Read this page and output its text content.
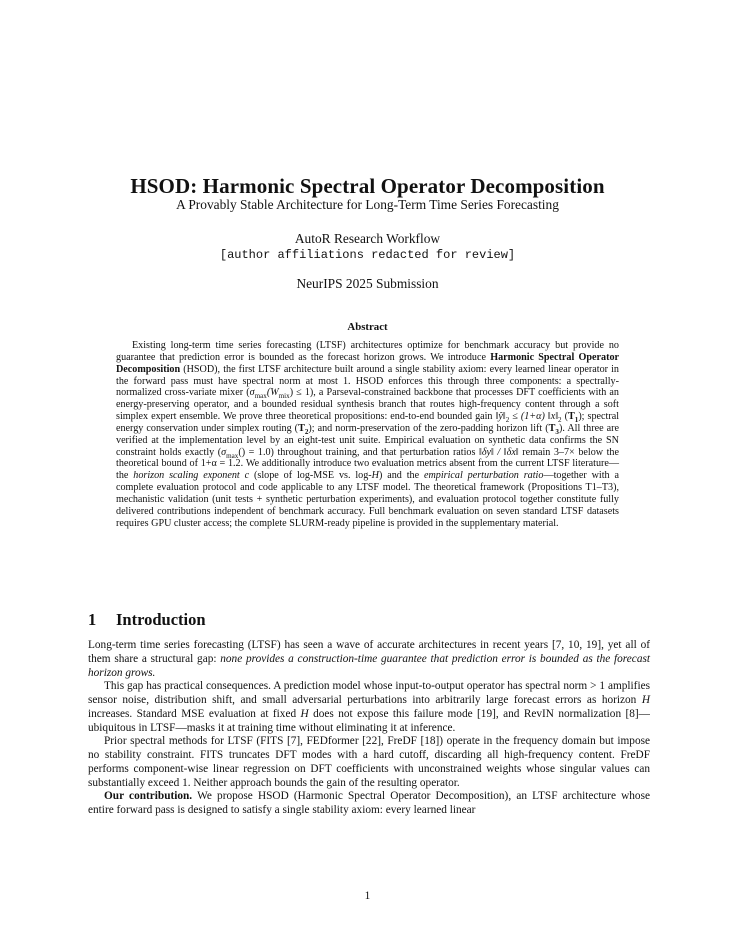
HSOD: Harmonic Spectral Operator Decomposition
A Provably Stable Architecture for Long-Term Time Series Forecasting
AutoR Research Workflow
[author affiliations redacted for review]
NeurIPS 2025 Submission
Abstract

Existing long-term time series forecasting (LTSF) architectures optimize for benchmark accuracy but provide no guarantee that prediction error is bounded as the forecast horizon grows. We introduce Harmonic Spectral Operator Decomposition (HSOD), the first LTSF architecture built around a single stability axiom: every learned linear operator in the forward pass must have spectral norm at most 1. HSOD enforces this through three components: a spectrally-normalized cross-variate mixer $(\sigma_{max}(W_{mix}) \le 1)$, a Parseval-constrained backbone that processes DFT coefficients with an energy-preserving operator, and a bounded residual synthesis branch that routes high-frequency content through a soft simplex expert ensemble. We prove three theoretical propositions: end-to-end bounded gain $‖ŷ‖_2 \le (1+\alpha)$ $‖x‖_2$ $(T_1)$; spectral energy conservation under simplex routing $(T_2)$; and norm-preservation of the zero-padding horizon lift $(T_3)$. All three are verified at the implementation level by an eight-test unit suite. Empirical evaluation on synthetic data confirms the SN constraint holds exactly $(\sigma_{max}() = 1.0)$ throughout training, and that perturbation ratios ‖δy‖ / ‖δx‖ remain 3–7× below the theoretical bound of 1+α = 1.2. We additionally introduce two evaluation metrics absent from the current LTSF literature—the horizon scaling exponent c (slope of log-MSE vs. log-H) and the empirical perturbation ratio—together with a complete evaluation protocol and code applicable to any LTSF model. The theoretical framework (Propositions T1–T3), mechanistic validation (unit tests + synthetic perturbation experiments), and evaluation protocol together constitute fully delivered contributions independent of benchmark accuracy. Full benchmark evaluation on seven standard LTSF datasets requires GPU cluster access; the complete SLURM-ready pipeline is provided in the supplementary material.

1 Introduction

Long-term time series forecasting (LTSF) has seen a wave of accurate architectures in recent years [7, 10, 19], yet all of them share a structural gap: none provides a construction-time guarantee that prediction error is bounded as the forecast horizon grows.

This gap has practical consequences. A prediction model whose input-to-output operator has spectral norm > 1 amplifies sensor noise, distribution shift, and small adversarial perturbations into arbitrarily large forecast errors as horizon H increases. Standard MSE evaluation at fixed H does not expose this failure mode [19], and RevIN normalization [8]—ubiquitous in LTSF—masks it at training time without eliminating it at inference.

Prior spectral methods for LTSF (FITS [7], FEDformer [22], FreDF [18]) operate in the frequency domain but impose no stability constraint. FITS truncates DFT modes with a hard cutoff, discarding all high-frequency content. FreDF performs component-wise linear regression on DFT coefficients with unconstrained weights whose singular values can substantially exceed 1. Neither approach bounds the gain of the resulting operator.

Our contribution. We propose HSOD (Harmonic Spectral Operator Decomposition), an LTSF architecture whose entire forward pass is designed to satisfy a single stability axiom: every learned linear

1
